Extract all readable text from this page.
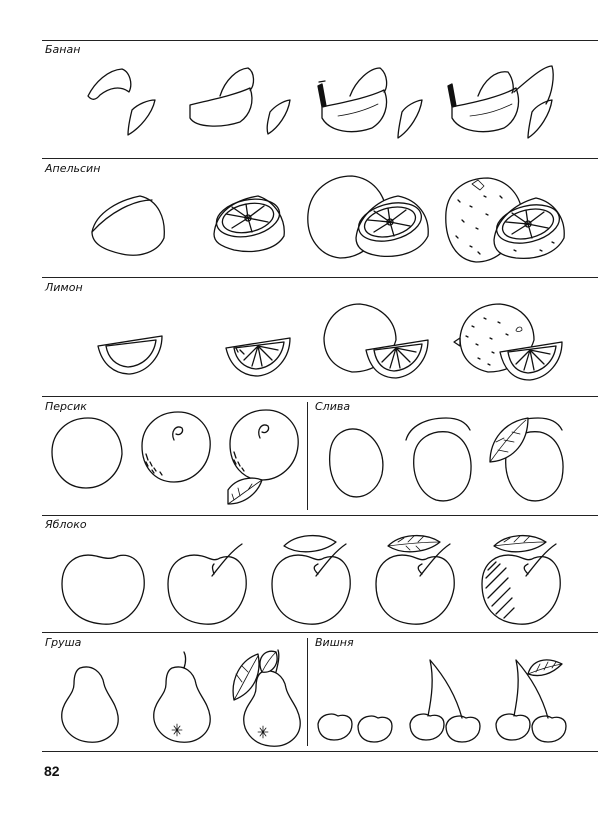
Банан
Апельсин
Лимон
Персик	Слива
Яблоко
Груша	Вишня
82
